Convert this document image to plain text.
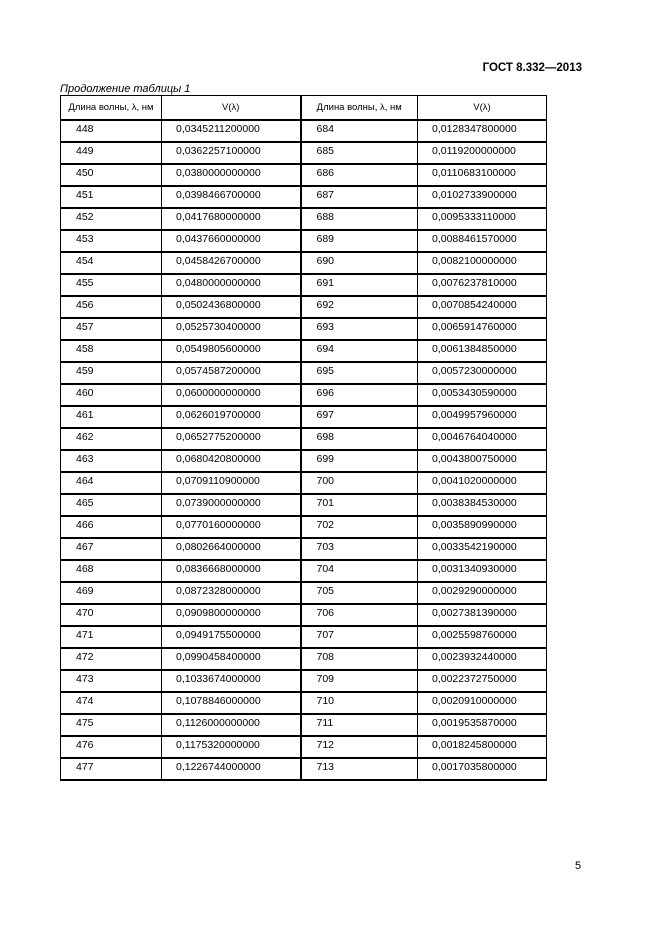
ГОСТ 8.332—2013
Продолжение таблицы 1
Длина волны, λ, нм	V(λ)	Длина волны, λ, нм	V(λ)
448	0,0345211200000	684	0,0128347800000
449	0,0362257100000	685	0,0119200000000
450	0,0380000000000	686	0,0110683100000
451	0,0398466700000	687	0,0102733900000
452	0,0417680000000	688	0,0095333110000
453	0,0437660000000	689	0,0088461570000
454	0,0458426700000	690	0,0082100000000
455	0,0480000000000	691	0,0076237810000
456	0,0502436800000	692	0,0070854240000
457	0,0525730400000	693	0,0065914760000
458	0,0549805600000	694	0,0061384850000
459	0,0574587200000	695	0,0057230000000
460	0,0600000000000	696	0,0053430590000
461	0,0626019700000	697	0,0049957960000
462	0,0652775200000	698	0,0046764040000
463	0,0680420800000	699	0,0043800750000
464	0,0709110900000	700	0,0041020000000
465	0,0739000000000	701	0,0038384530000
466	0,0770160000000	702	0,0035890990000
467	0,0802664000000	703	0,0033542190000
468	0,0836668000000	704	0,0031340930000
469	0,0872328000000	705	0,0029290000000
470	0,0909800000000	706	0,0027381390000
471	0,0949175500000	707	0,0025598760000
472	0,0990458400000	708	0,0023932440000
473	0,1033674000000	709	0,0022372750000
474	0,1078846000000	710	0,0020910000000
475	0,1126000000000	711	0,0019535870000
476	0,1175320000000	712	0,0018245800000
477	0,1226744000000	713	0,0017035800000
5
